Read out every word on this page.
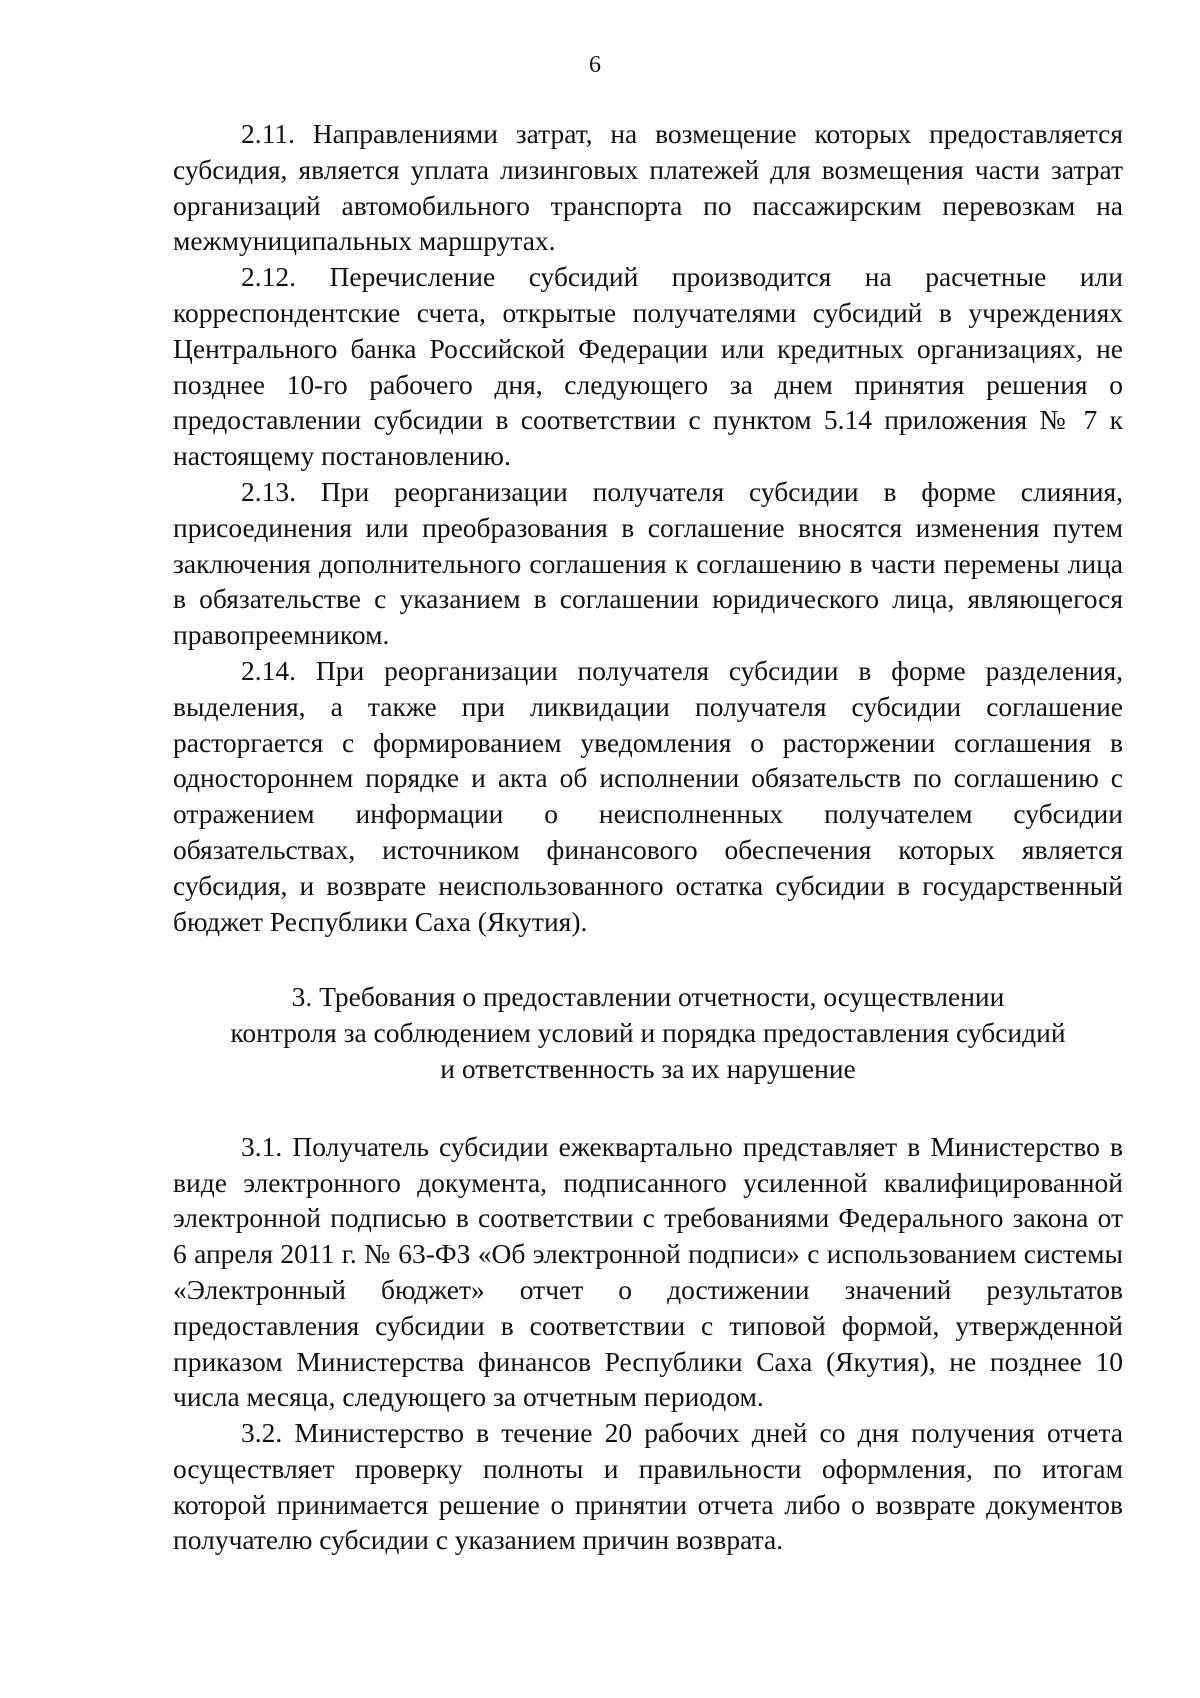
6

2.11. Направлениями затрат, на возмещение которых предоставляется субсидия, является уплата лизинговых платежей для возмещения части затрат организаций автомобильного транспорта по пассажирским перевозкам на межмуниципальных маршрутах.

2.12. Перечисление субсидий производится на расчетные или корреспондентские счета, открытые получателями субсидий в учреждениях Центрального банка Российской Федерации или кредитных организациях, не позднее 10-го рабочего дня, следующего за днем принятия решения о предоставлении субсидии в соответствии с пунктом 5.14 приложения № 7 к настоящему постановлению.

2.13. При реорганизации получателя субсидии в форме слияния, присоединения или преобразования в соглашение вносятся изменения путем заключения дополнительного соглашения к соглашению в части перемены лица в обязательстве с указанием в соглашении юридического лица, являющегося правопреемником.

2.14. При реорганизации получателя субсидии в форме разделения, выделения, а также при ликвидации получателя субсидии соглашение расторгается с формированием уведомления о расторжении соглашения в одностороннем порядке и акта об исполнении обязательств по соглашению с отражением информации о неисполненных получателем субсидии обязательствах, источником финансового обеспечения которых является субсидия, и возврате неиспользованного остатка субсидии в государственный бюджет Республики Саха (Якутия).

3. Требования о предоставлении отчетности, осуществлении
контроля за соблюдением условий и порядка предоставления субсидий
и ответственность за их нарушение

3.1. Получатель субсидии ежеквартально представляет в Министерство в виде электронного документа, подписанного усиленной квалифицированной электронной подписью в соответствии с требованиями Федерального закона от 6 апреля 2011 г. № 63-ФЗ «Об электронной подписи» с использованием системы «Электронный бюджет» отчет о достижении значений результатов предоставления субсидии в соответствии с типовой формой, утвержденной приказом Министерства финансов Республики Саха (Якутия), не позднее 10 числа месяца, следующего за отчетным периодом.

3.2. Министерство в течение 20 рабочих дней со дня получения отчета осуществляет проверку полноты и правильности оформления, по итогам которой принимается решение о принятии отчета либо о возврате документов получателю субсидии с указанием причин возврата.
